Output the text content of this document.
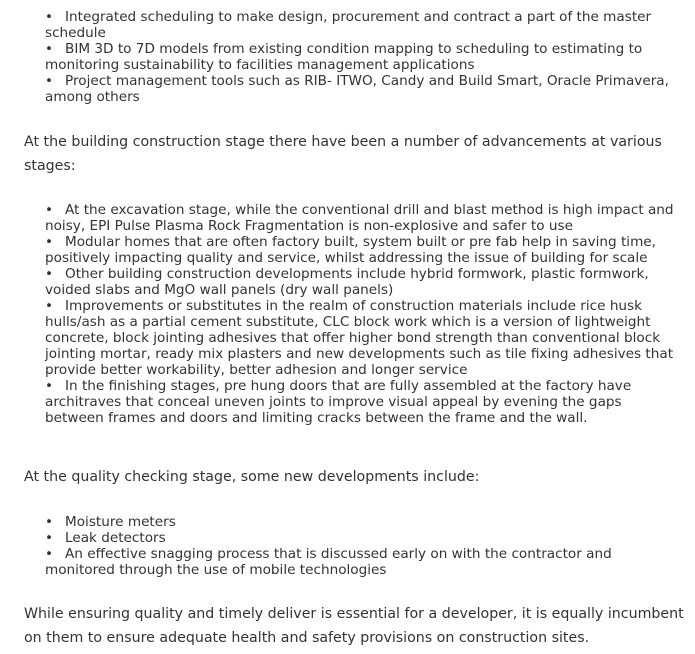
• Integrated scheduling to make design, procurement and contract a part of the master schedule
• BIM 3D to 7D models from existing condition mapping to scheduling to estimating to monitoring sustainability to facilities management applications
• Project management tools such as RIB- ITWO, Candy and Build Smart, Oracle Primavera, among others

At the building construction stage there have been a number of advancements at various stages:

• At the excavation stage, while the conventional drill and blast method is high impact and noisy, EPI Pulse Plasma Rock Fragmentation is non-explosive and safer to use
• Modular homes that are often factory built, system built or pre fab help in saving time, positively impacting quality and service, whilst addressing the issue of building for scale
• Other building construction developments include hybrid formwork, plastic formwork, voided slabs and MgO wall panels (dry wall panels)
• Improvements or substitutes in the realm of construction materials include rice husk hulls/ash as a partial cement substitute, CLC block work which is a version of lightweight concrete, block jointing adhesives that offer higher bond strength than conventional block jointing mortar, ready mix plasters and new developments such as tile fixing adhesives that provide better workability, better adhesion and longer service
• In the finishing stages, pre hung doors that are fully assembled at the factory have architraves that conceal uneven joints to improve visual appeal by evening the gaps between frames and doors and limiting cracks between the frame and the wall.

At the quality checking stage, some new developments include:

• Moisture meters
• Leak detectors
• An effective snagging process that is discussed early on with the contractor and monitored through the use of mobile technologies

While ensuring quality and timely deliver is essential for a developer, it is equally incumbent on them to ensure adequate health and safety provisions on construction sites.
